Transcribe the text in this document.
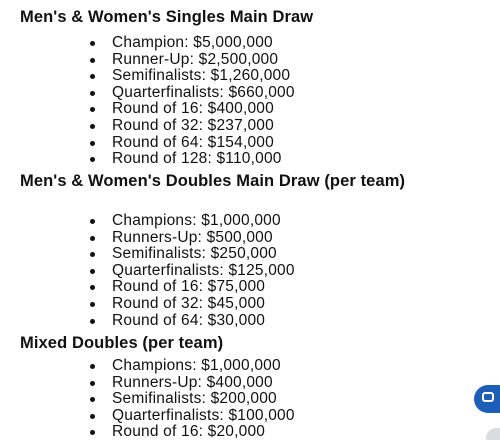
Men's & Women's Singles Main Draw
Champion: $5,000,000
Runner-Up: $2,500,000
Semifinalists: $1,260,000
Quarterfinalists: $660,000
Round of 16: $400,000
Round of 32: $237,000
Round of 64: $154,000
Round of 128: $110,000
Men's & Women's Doubles Main Draw (per team)
Champions: $1,000,000
Runners-Up: $500,000
Semifinalists: $250,000
Quarterfinalists: $125,000
Round of 16: $75,000
Round of 32: $45,000
Round of 64: $30,000
Mixed Doubles (per team)
Champions: $1,000,000
Runners-Up: $400,000
Semifinalists: $200,000
Quarterfinalists: $100,000
Round of 16: $20,000
